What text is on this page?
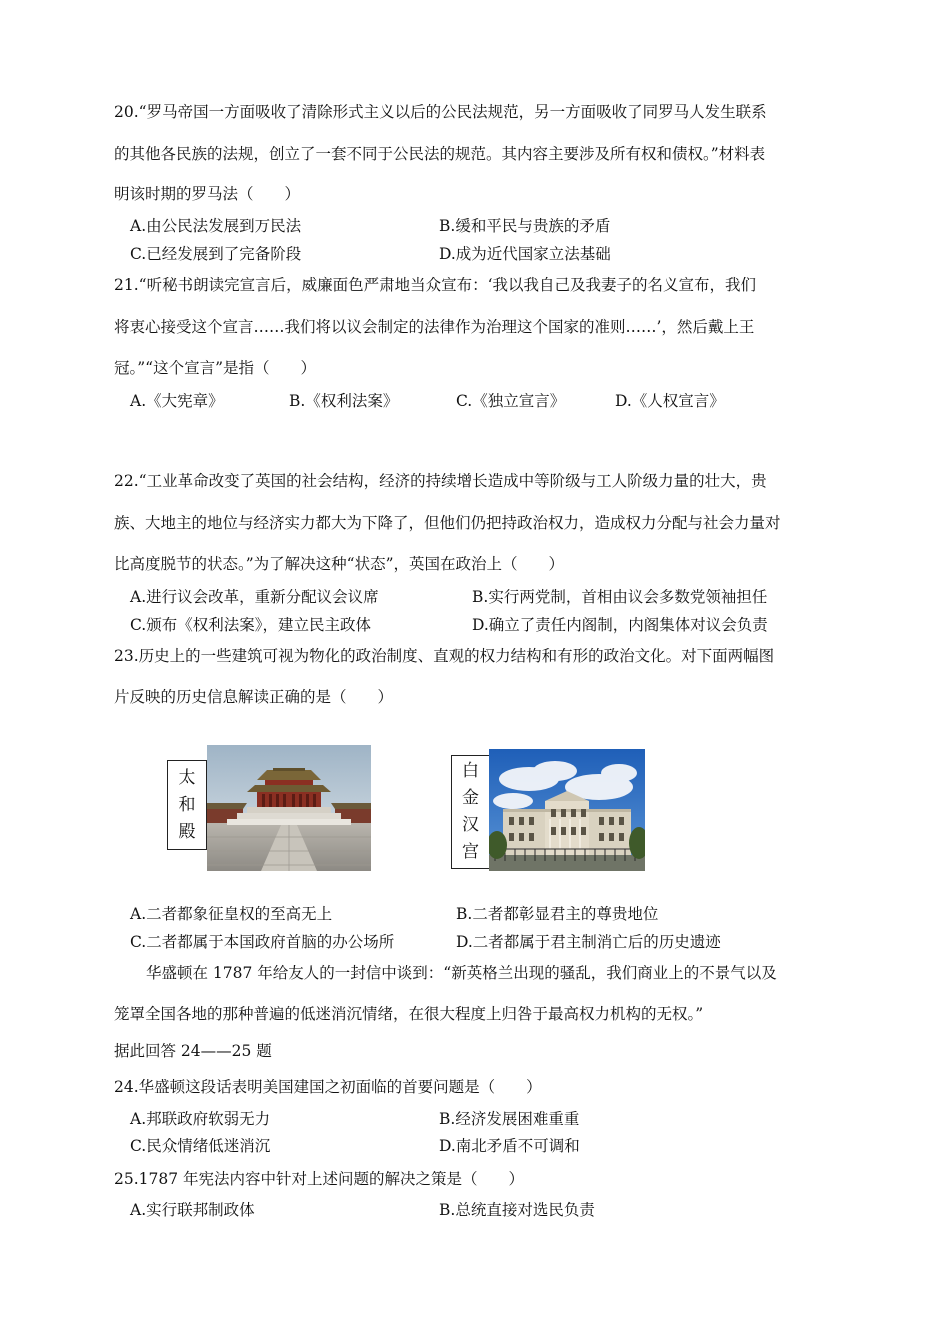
20.“罗马帝国一方面吸收了清除形式主义以后的公民法规范，另一方面吸收了同罗马人发生联系
的其他各民族的法规，创立了一套不同于公民法的规范。其内容主要涉及所有权和债权。”材料表
明该时期的罗马法（　　）
A.由公民法发展到万民法	B.缓和平民与贵族的矛盾
C.已经发展到了完备阶段	D.成为近代国家立法基础
21.“听秘书朗读完宣言后，威廉面色严肃地当众宣布：‘我以我自己及我妻子的名义宣布，我们
将衷心接受这个宣言……我们将以议会制定的法律作为治理这个国家的准则……’，然后戴上王
冠。”“这个宣言”是指（　　）
A.《大宪章》	B.《权利法案》	C.《独立宣言》	D.《人权宣言》
22.“工业革命改变了英国的社会结构，经济的持续增长造成中等阶级与工人阶级力量的壮大，贵
族、大地主的地位与经济实力都大为下降了，但他们仍把持政治权力，造成权力分配与社会力量对
比高度脱节的状态。”为了解决这种“状态”，英国在政治上（　　）
A.进行议会改革，重新分配议会议席	B.实行两党制，首相由议会多数党领袖担任
C.颁布《权利法案》，建立民主政体	D.确立了责任内阁制，内阁集体对议会负责
23.历史上的一些建筑可视为物化的政治制度、直观的权力结构和有形的政治文化。对下面两幅图
片反映的历史信息解读正确的是（　　）
太
和
殿
白
金
汉
宫
A.二者都象征皇权的至高无上	B.二者都彰显君主的尊贵地位
C.二者都属于本国政府首脑的办公场所	D.二者都属于君主制消亡后的历史遗迹
华盛顿在 1787 年给友人的一封信中谈到：“新英格兰出现的骚乱，我们商业上的不景气以及
笼罩全国各地的那种普遍的低迷消沉情绪，在很大程度上归咎于最高权力机构的无权。”
据此回答 24——25 题
24.华盛顿这段话表明美国建国之初面临的首要问题是（　　）
A.邦联政府软弱无力	B.经济发展困难重重
C.民众情绪低迷消沉	D.南北矛盾不可调和
25.1787 年宪法内容中针对上述问题的解决之策是（　　）
A.实行联邦制政体	B.总统直接对选民负责
